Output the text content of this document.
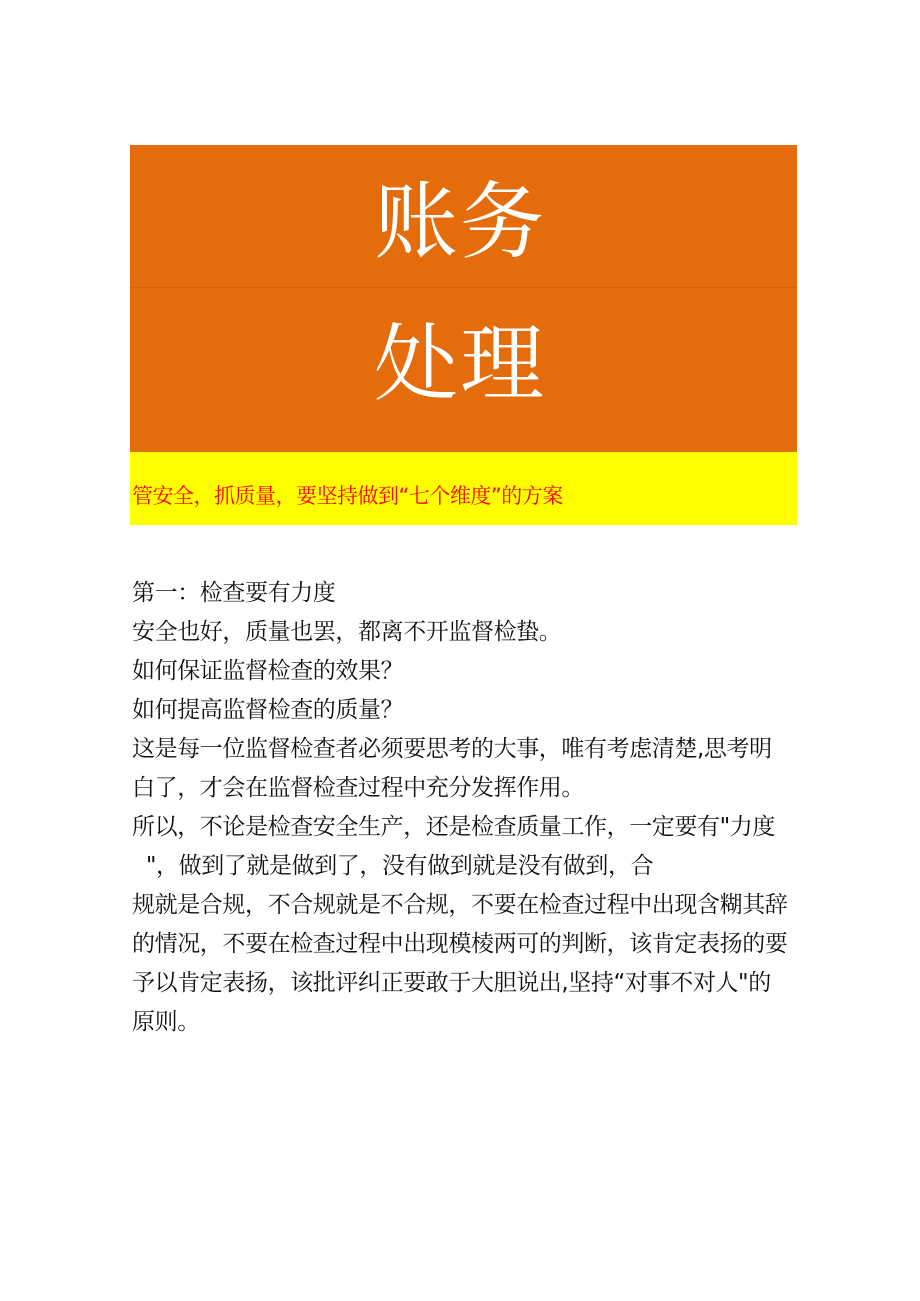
账务
处理
管安全，抓质量，要坚持做到“七个维度”的方案

第一：检查要有力度

安全也好，质量也罢，都离不开监督检蛰。

如何保证监督检查的效果？

如何提高监督检查的质量？

这是每一位监督检查者必须要思考的大事，唯有考虑清楚,思考明

白了，才会在监督检查过程中充分发挥作用。

所以，不论是检查安全生产，还是检查质量工作，一定要有"力度

"，做到了就是做到了，没有做到就是没有做到，合

规就是合规，不合规就是不合规，不要在检查过程中出现含糊其辞

的情况，不要在检查过程中出现模棱两可的判断，该肯定表扬的要

予以肯定表扬，该批评纠正要敢于大胆说出,坚持“对事不对人"的

原则。
